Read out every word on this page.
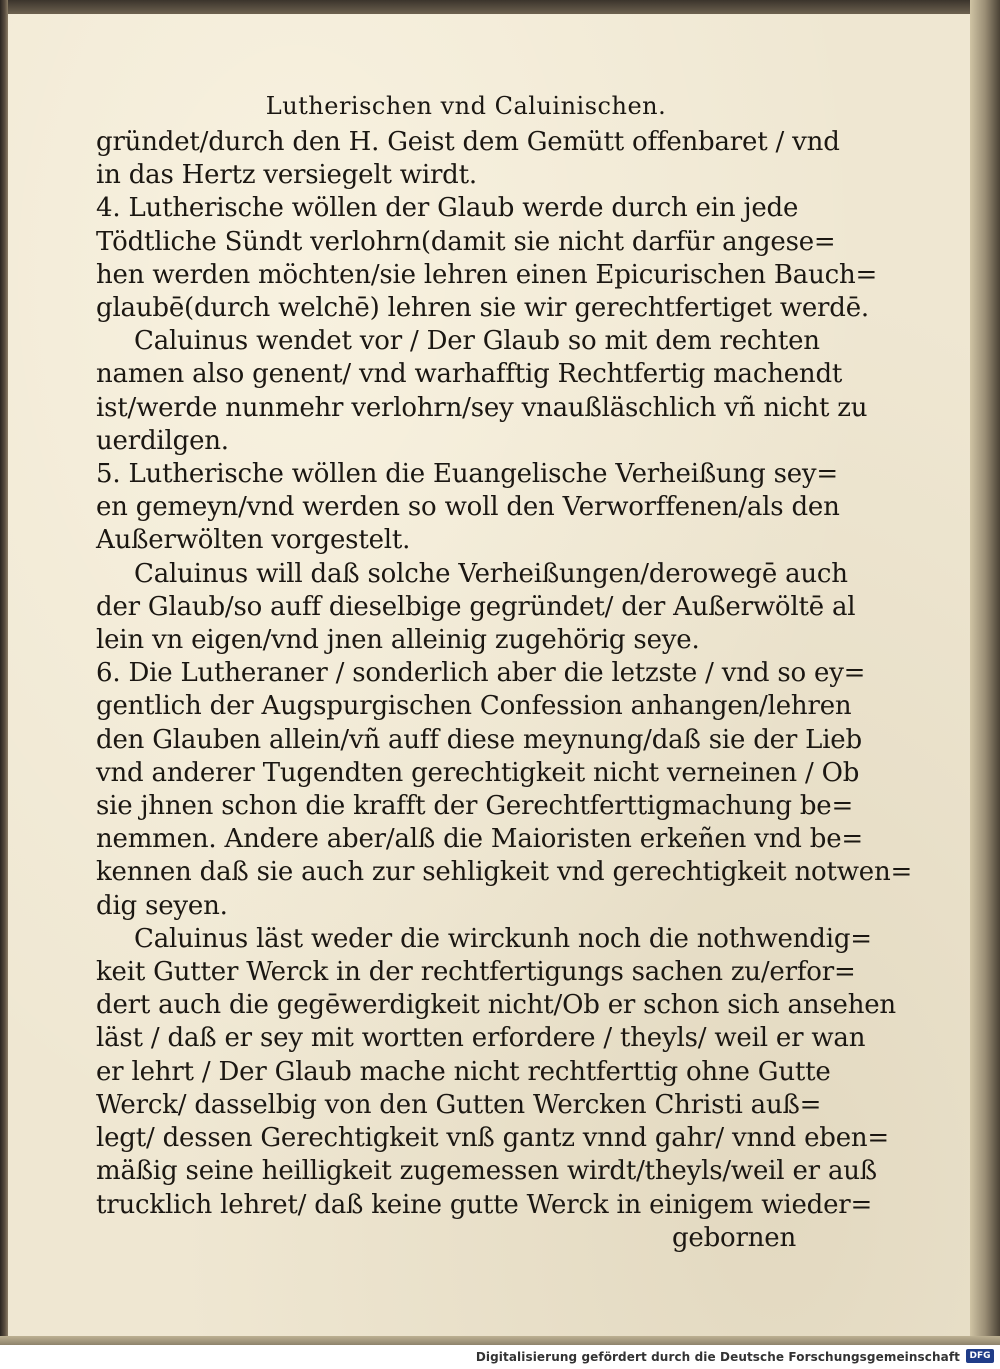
Lutherischen vnd Caluinischen.
gründet/durch den H. Geist dem Gemütt offenbaret / vnd
in das Hertz versiegelt wirdt.
4. Lutherische wöllen der Glaub werde durch ein jede
Tödtliche Sündt verlohrn(damit sie nicht darfür angese=
hen werden möchten/sie lehren einen Epicurischen Bauch=
glaubē(durch welchē) lehren sie wir gerechtfertiget werdē.
Caluinus wendet vor / Der Glaub so mit dem rechten
namen also genent/ vnd warhafftig Rechtfertig machendt
ist/werde nunmehr verlohrn/sey vnaußläschlich vñ nicht zu
uerdilgen.
5. Lutherische wöllen die Euangelische Verheißung sey=
en gemeyn/vnd werden so woll den Verworffenen/als den
Außerwölten vorgestelt.
Caluinus will daß solche Verheißungen/derowegē auch
der Glaub/so auff dieselbige gegründet/ der Außerwöltē al
lein vn eigen/vnd jnen alleinig zugehörig seye.
6. Die Lutheraner / sonderlich aber die letzste / vnd so ey=
gentlich der Augspurgischen Confession anhangen/lehren
den Glauben allein/vñ auff diese meynung/daß sie der Lieb
vnd anderer Tugendten gerechtigkeit nicht verneinen / Ob
sie jhnen schon die krafft der Gerechtferttigmachung be=
nemmen. Andere aber/alß die Maioristen erkeñen vnd be=
kennen daß sie auch zur sehligkeit vnd gerechtigkeit notwen=
dig seyen.
Caluinus läst weder die wirckunh noch die nothwendig=
keit Gutter Werck in der rechtfertigungs sachen zu/erfor=
dert auch die gegēwerdigkeit nicht/Ob er schon sich ansehen
läst / daß er sey mit wortten erfordere / theyls/ weil er wan
er lehrt / Der Glaub mache nicht rechtferttig ohne Gutte
Werck/ dasselbig von den Gutten Wercken Christi auß=
legt/ dessen Gerechtigkeit vnß gantz vnnd gahr/ vnnd eben=
mäßig seine heilligkeit zugemessen wirdt/theyls/weil er auß
trucklich lehret/ daß keine gutte Werck in einigem wieder=
gebornen
Digitalisierung gefördert durch die Deutsche Forschungsgemeinschaft	DFG
